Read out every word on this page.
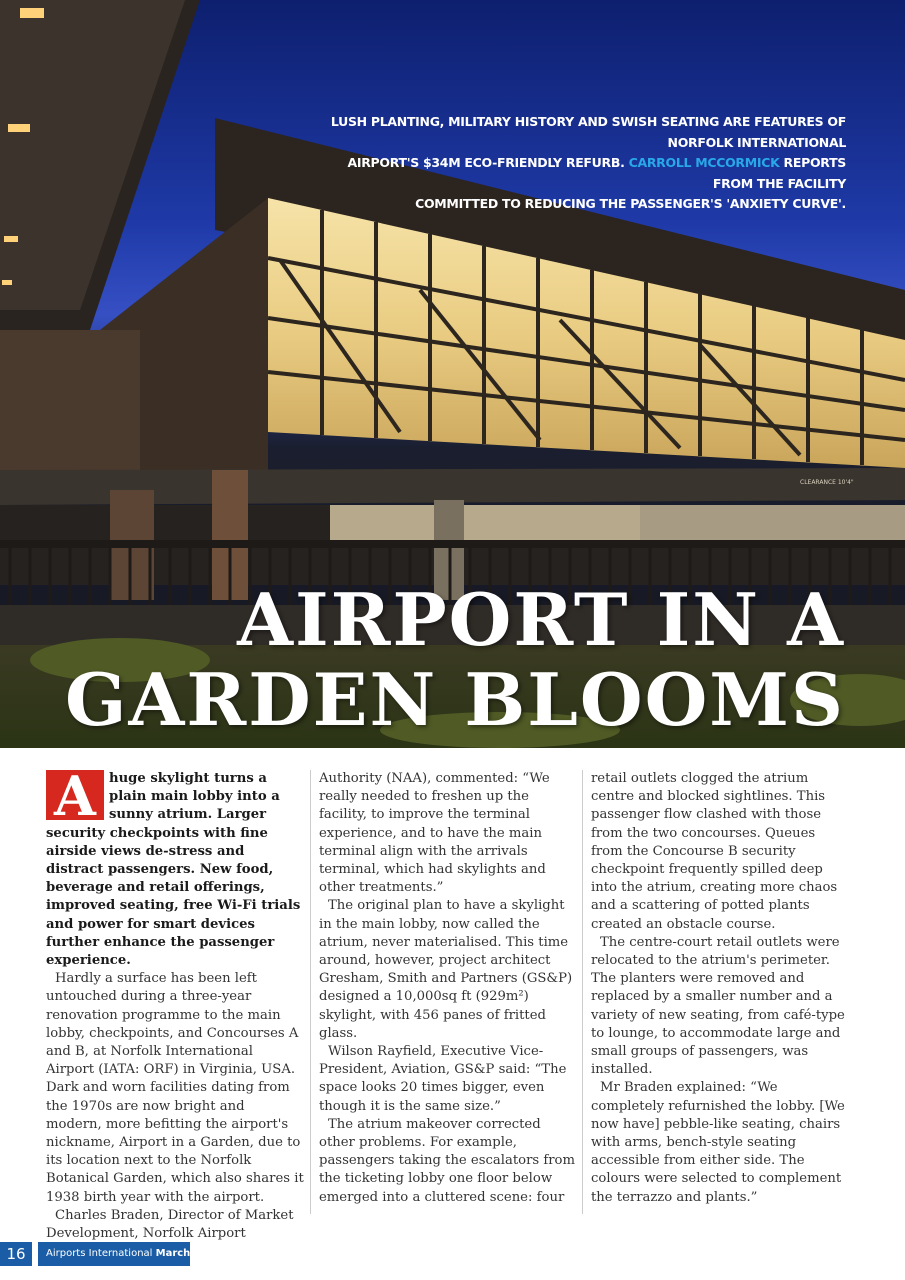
CLEARANCE 10'4"
LUSH PLANTING, MILITARY HISTORY AND SWISH SEATING ARE FEATURES OF NORFOLK INTERNATIONAL
AIRPORT'S $34M ECO-FRIENDLY REFURB. CARROLL MCCORMICK REPORTS FROM THE FACILITY
COMMITTED TO REDUCING THE PASSENGER'S 'ANXIETY CURVE'.
AIRPORT IN A
GARDEN BLOOMS
A huge skylight turns a plain main lobby into a sunny atrium. Larger security checkpoints with fine airside views de-stress and distract passengers. New food, beverage and retail offerings, improved seating, free Wi-Fi trials and power for smart devices further enhance the passenger experience.

Hardly a surface has been left untouched during a three-year renovation programme to the main lobby, checkpoints, and Concourses A and B, at Norfolk International Airport (IATA: ORF) in Virginia, USA. Dark and worn facilities dating from the 1970s are now bright and modern, more befitting the airport's nickname, Airport in a Garden, due to its location next to the Norfolk Botanical Garden, which also shares it 1938 birth year with the airport.

Charles Braden, Director of Market Development, Norfolk Airport

Authority (NAA), commented: “We really needed to freshen up the facility, to improve the terminal experience, and to have the main terminal align with the arrivals terminal, which had skylights and other treatments.”

The original plan to have a skylight in the main lobby, now called the atrium, never materialised. This time around, however, project architect Gresham, Smith and Partners (GS&P) designed a 10,000sq ft (929m²) skylight, with 456 panes of fritted glass.

Wilson Rayfield, Executive Vice-President, Aviation, GS&P said: “The space looks 20 times bigger, even though it is the same size.”

The atrium makeover corrected other problems. For example, passengers taking the escalators from the ticketing lobby one floor below emerged into a cluttered scene: four

retail outlets clogged the atrium centre and blocked sightlines. This passenger flow clashed with those from the two concourses. Queues from the Concourse B security checkpoint frequently spilled deep into the atrium, creating more chaos and a scattering of potted plants created an obstacle course.

The centre-court retail outlets were relocated to the atrium's perimeter. The planters were removed and replaced by a smaller number and a variety of new seating, from café-type to lounge, to accommodate large and small groups of passengers, was installed.

Mr Braden explained: “We completely refurnished the lobby. [We now have] pebble-like seating, chairs with arms, bench-style seating accessible from either side. The colours were selected to complement the terrazzo and plants.”

16	Airports International March 2017
